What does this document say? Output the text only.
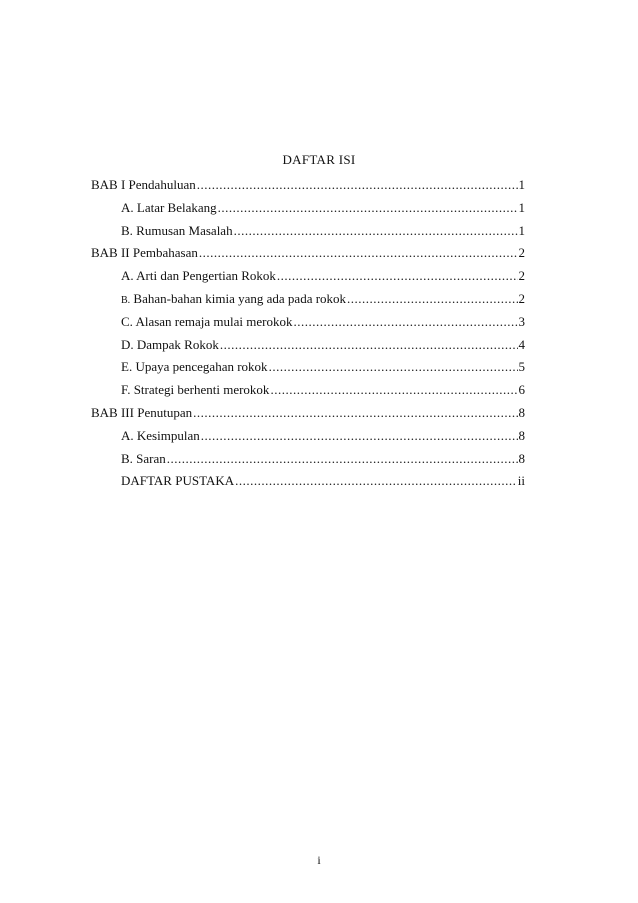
DAFTAR ISI
BAB I Pendahuluan .....	1
A. Latar Belakang .....	1
B. Rumusan Masalah .....	1
BAB II Pembahasan .....	2
A. Arti dan Pengertian Rokok .....	2
B. Bahan-bahan kimia yang ada pada rokok .....	2
C. Alasan remaja mulai merokok .....	3
D. Dampak Rokok .....	4
E. Upaya pencegahan rokok .....	5
F. Strategi berhenti merokok .....	6
BAB III Penutupan .....	8
A. Kesimpulan .....	8
B. Saran .....	8
DAFTAR PUSTAKA .....	ii
i
